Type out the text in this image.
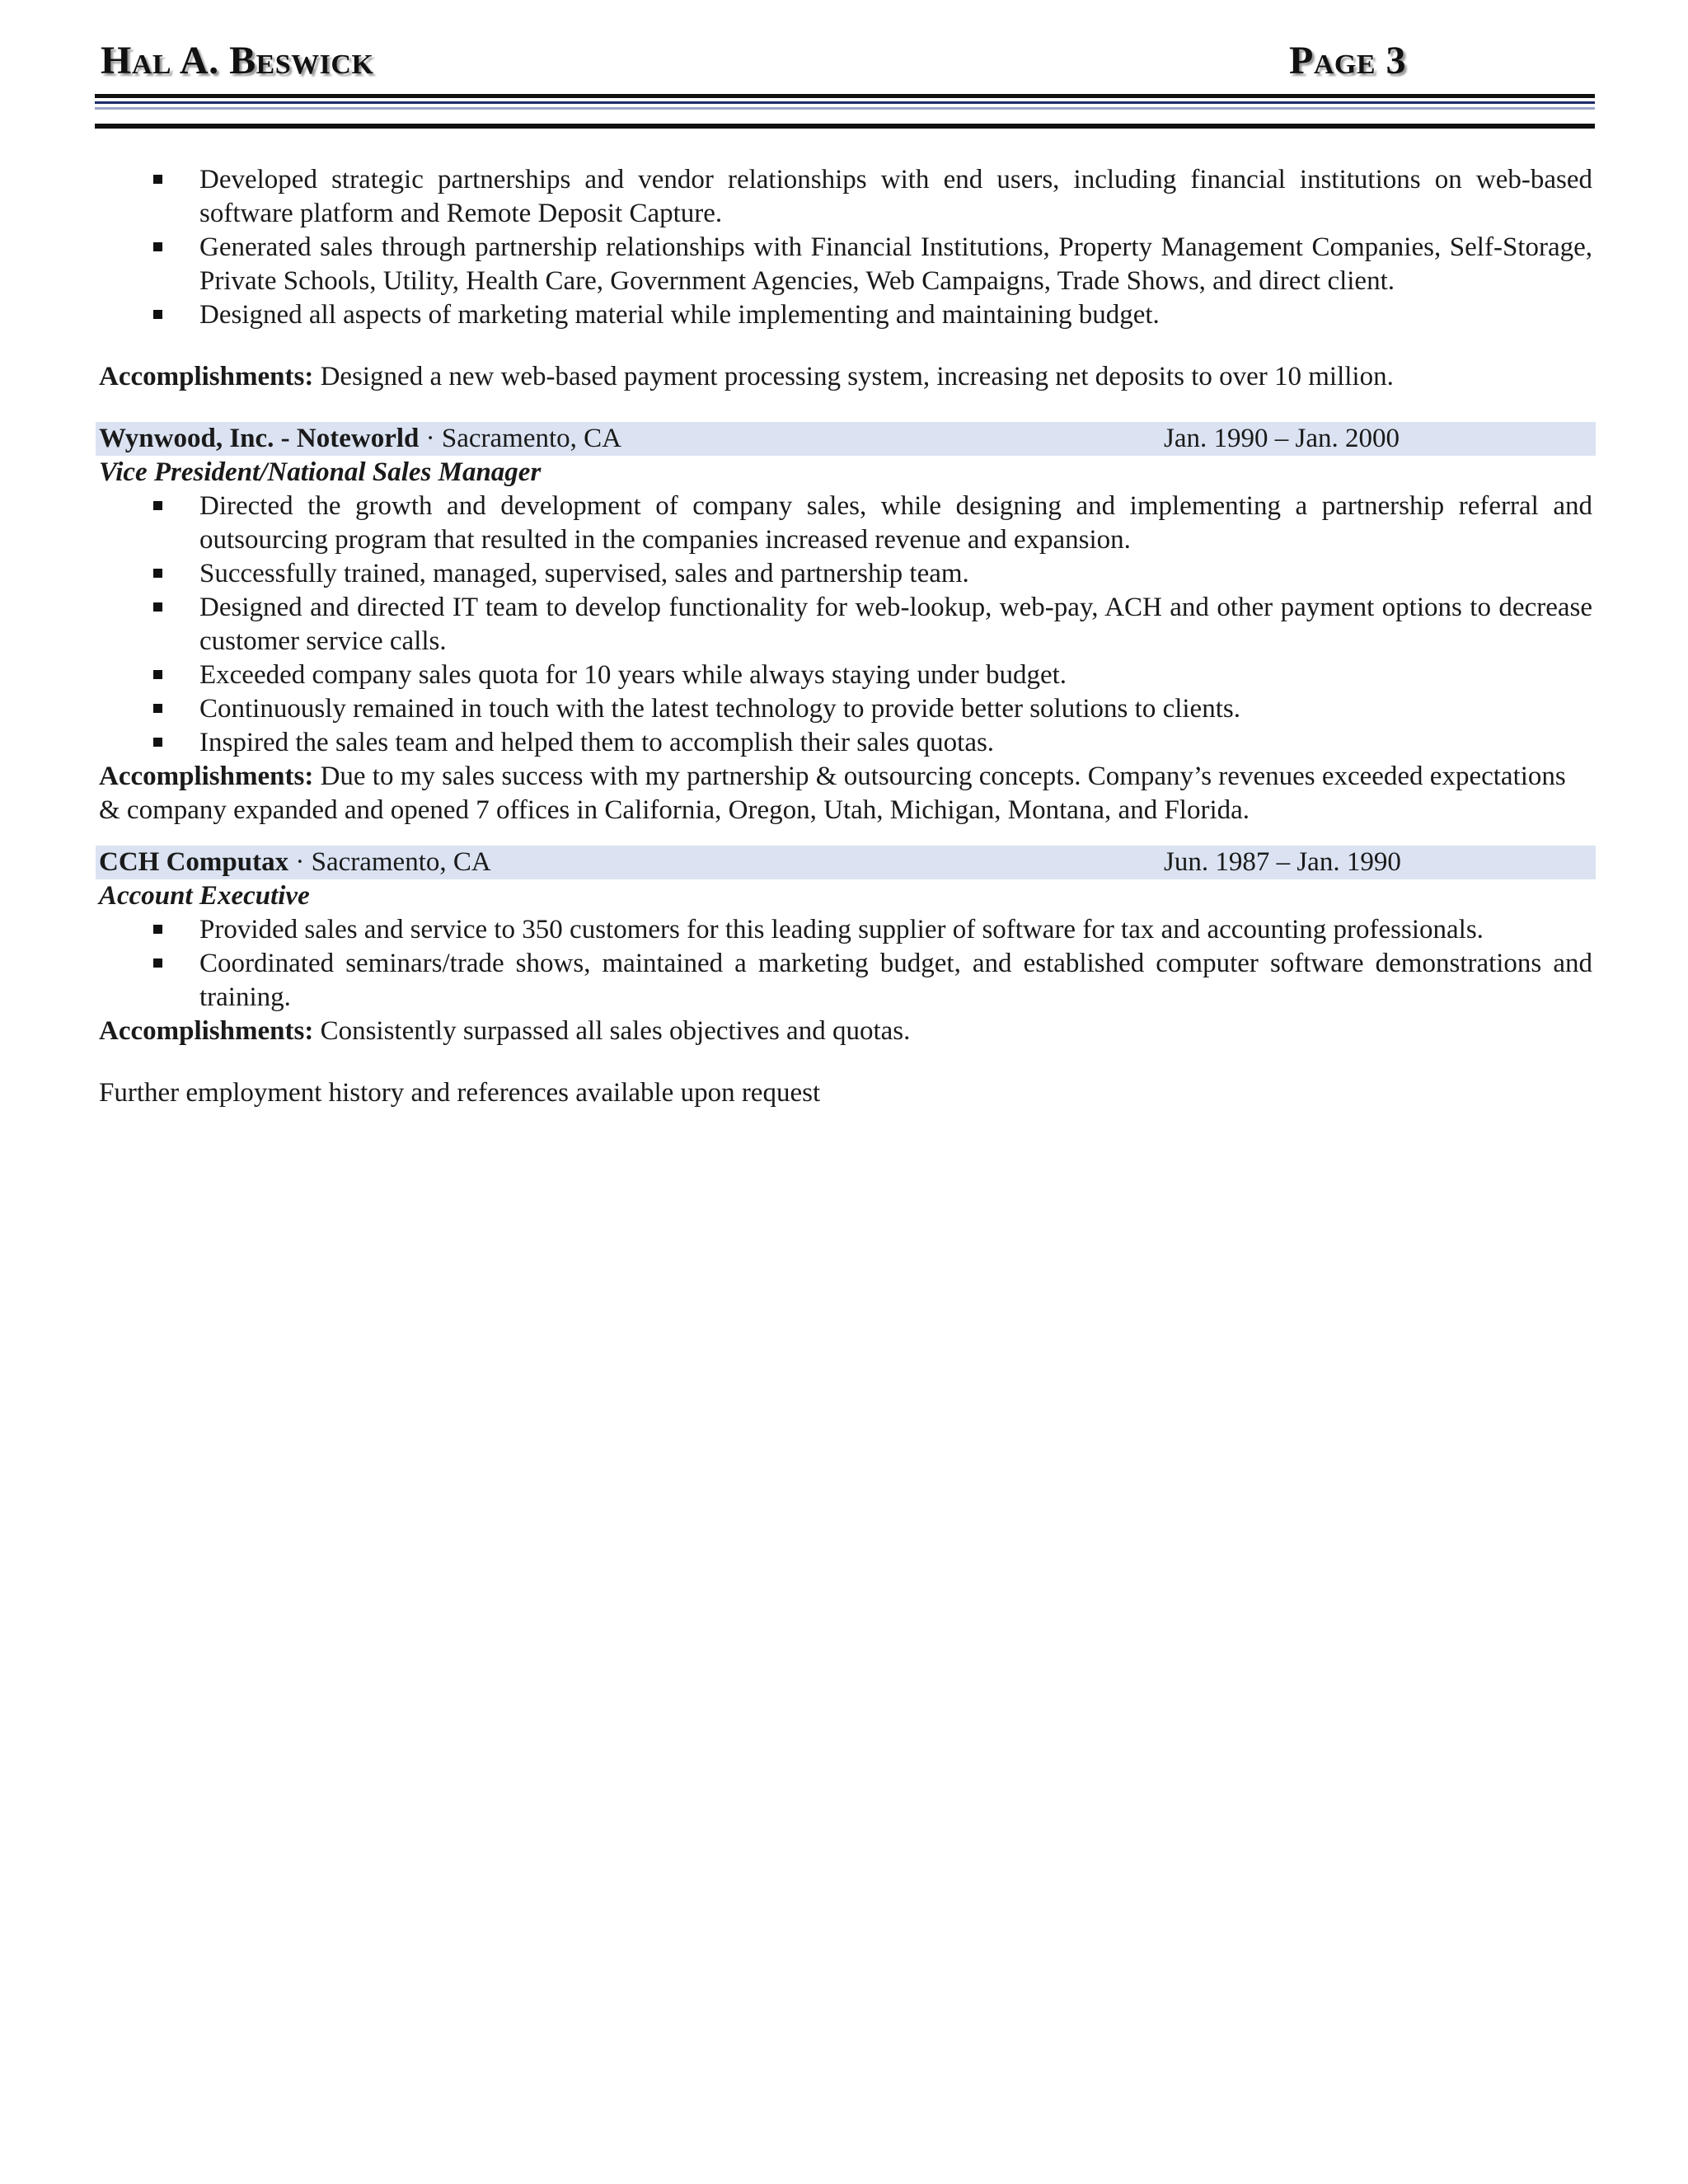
Hal A. Beswick	Page 3
Developed strategic partnerships and vendor relationships with end users, including financial institutions on web-based software platform and Remote Deposit Capture.
Generated sales through partnership relationships with Financial Institutions, Property Management Companies, Self-Storage, Private Schools, Utility, Health Care, Government Agencies, Web Campaigns, Trade Shows, and direct client.
Designed all aspects of marketing material while implementing and maintaining budget.

Accomplishments: Designed a new web-based payment processing system, increasing net deposits to over 10 million.

Wynwood, Inc. - Noteworld · Sacramento, CA	Jan. 1990 – Jan. 2000
Vice President/National Sales Manager
Directed the growth and development of company sales, while designing and implementing a partnership referral and outsourcing program that resulted in the companies increased revenue and expansion.
Successfully trained, managed, supervised, sales and partnership team.
Designed and directed IT team to develop functionality for web-lookup, web-pay, ACH and other payment options to decrease customer service calls.
Exceeded company sales quota for 10 years while always staying under budget.
Continuously remained in touch with the latest technology to provide better solutions to clients.
Inspired the sales team and helped them to accomplish their sales quotas.

Accomplishments: Due to my sales success with my partnership & outsourcing concepts. Company’s revenues exceeded expectations & company expanded and opened 7 offices in California, Oregon, Utah, Michigan, Montana, and Florida.

CCH Computax · Sacramento, CA	Jun. 1987 – Jan. 1990
Account Executive
Provided sales and service to 350 customers for this leading supplier of software for tax and accounting professionals.
Coordinated seminars/trade shows, maintained a marketing budget, and established computer software demonstrations and training.

Accomplishments: Consistently surpassed all sales objectives and quotas.

Further employment history and references available upon request
